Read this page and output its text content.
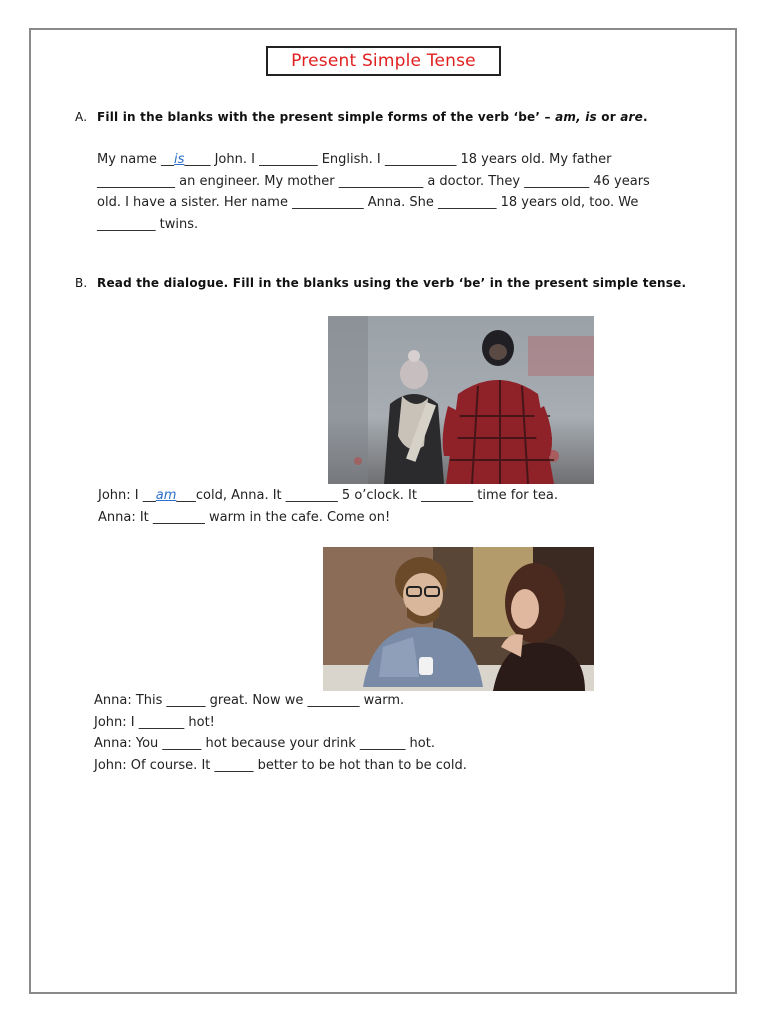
Present Simple Tense
A. Fill in the blanks with the present simple forms of the verb ‘be’ – am, is or are.
My name __is____ John. I _________ English. I ___________ 18 years old. My father
____________ an engineer. My mother _____________ a doctor. They __________ 46 years
old. I have a sister. Her name ___________ Anna. She _________ 18 years old, too. We
_________ twins.
B. Read the dialogue. Fill in the blanks using the verb ‘be’ in the present simple tense.
John: I __am___cold, Anna. It ________ 5 o’clock. It ________ time for tea.
Anna: It ________ warm in the cafe. Come on!
Anna: This ______ great. Now we ________ warm.
John: I _______ hot!
Anna: You ______ hot because your drink _______ hot.
John: Of course. It ______ better to be hot than to be cold.
